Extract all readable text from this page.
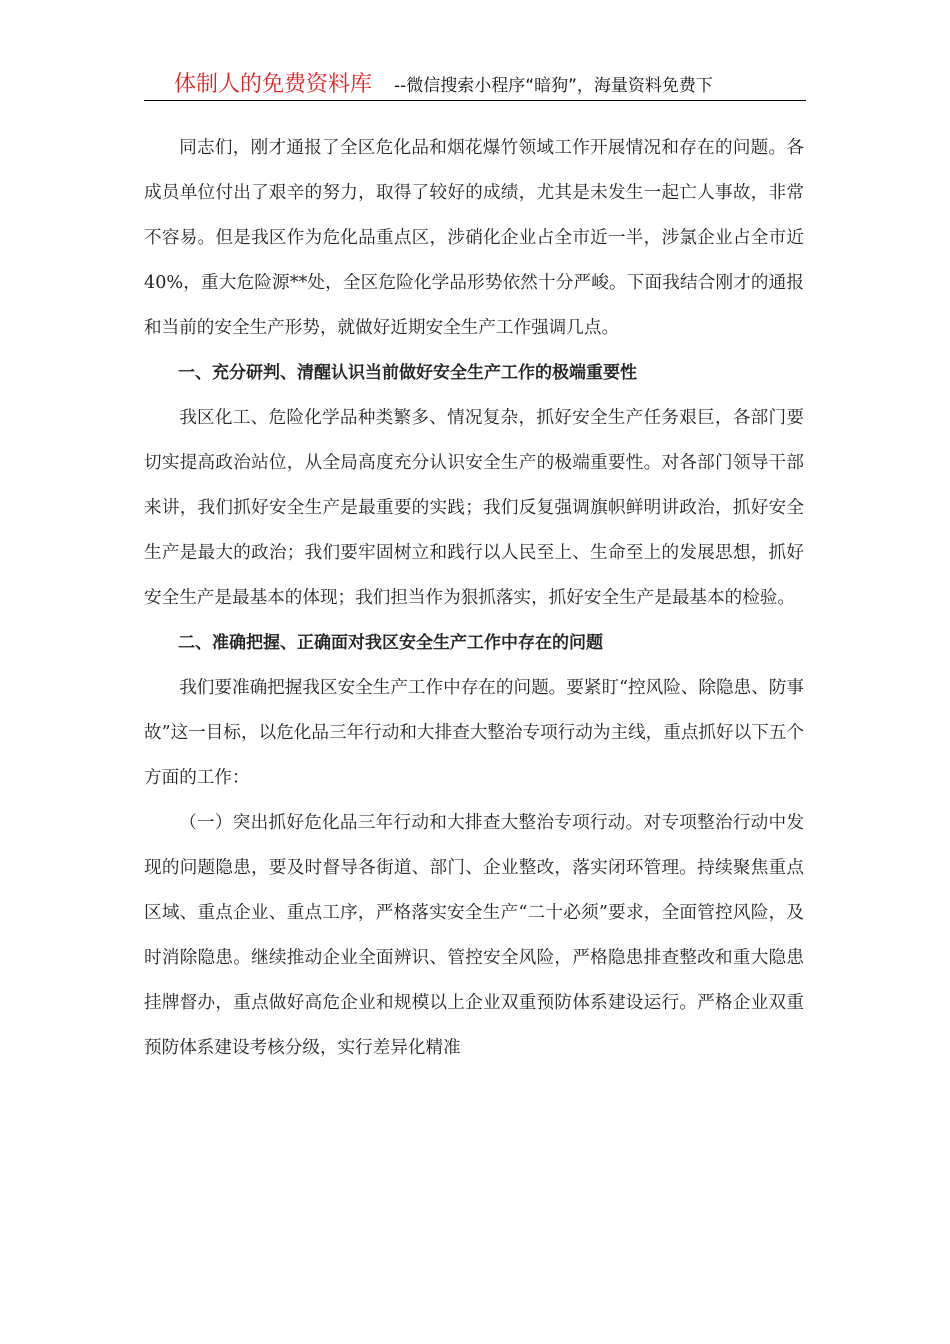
体制人的免费资料库 --微信搜索小程序“暗狗”，海量资料免费下

同志们，刚才通报了全区危化品和烟花爆竹领域工作开展情况和存在的问题。各成员单位付出了艰辛的努力，取得了较好的成绩，尤其是未发生一起亡人事故，非常不容易。但是我区作为危化品重点区，涉硝化企业占全市近一半，涉氯企业占全市近40%，重大危险源**处，全区危险化学品形势依然十分严峻。下面我结合刚才的通报和当前的安全生产形势，就做好近期安全生产工作强调几点。

一、充分研判、清醒认识当前做好安全生产工作的极端重要性

我区化工、危险化学品种类繁多、情况复杂，抓好安全生产任务艰巨，各部门要切实提高政治站位，从全局高度充分认识安全生产的极端重要性。对各部门领导干部来讲，我们抓好安全生产是最重要的实践；我们反复强调旗帜鲜明讲政治，抓好安全生产是最大的政治；我们要牢固树立和践行以人民至上、生命至上的发展思想，抓好安全生产是最基本的体现；我们担当作为狠抓落实，抓好安全生产是最基本的检验。

二、准确把握、正确面对我区安全生产工作中存在的问题

我们要准确把握我区安全生产工作中存在的问题。要紧盯“控风险、除隐患、防事故”这一目标，以危化品三年行动和大排查大整治专项行动为主线，重点抓好以下五个方面的工作：

（一）突出抓好危化品三年行动和大排查大整治专项行动。对专项整治行动中发现的问题隐患，要及时督导各街道、部门、企业整改，落实闭环管理。持续聚焦重点区域、重点企业、重点工序，严格落实安全生产“二十必须”要求，全面管控风险，及时消除隐患。继续推动企业全面辨识、管控安全风险，严格隐患排查整改和重大隐患挂牌督办，重点做好高危企业和规模以上企业双重预防体系建设运行。严格企业双重预防体系建设考核分级，实行差异化精准
